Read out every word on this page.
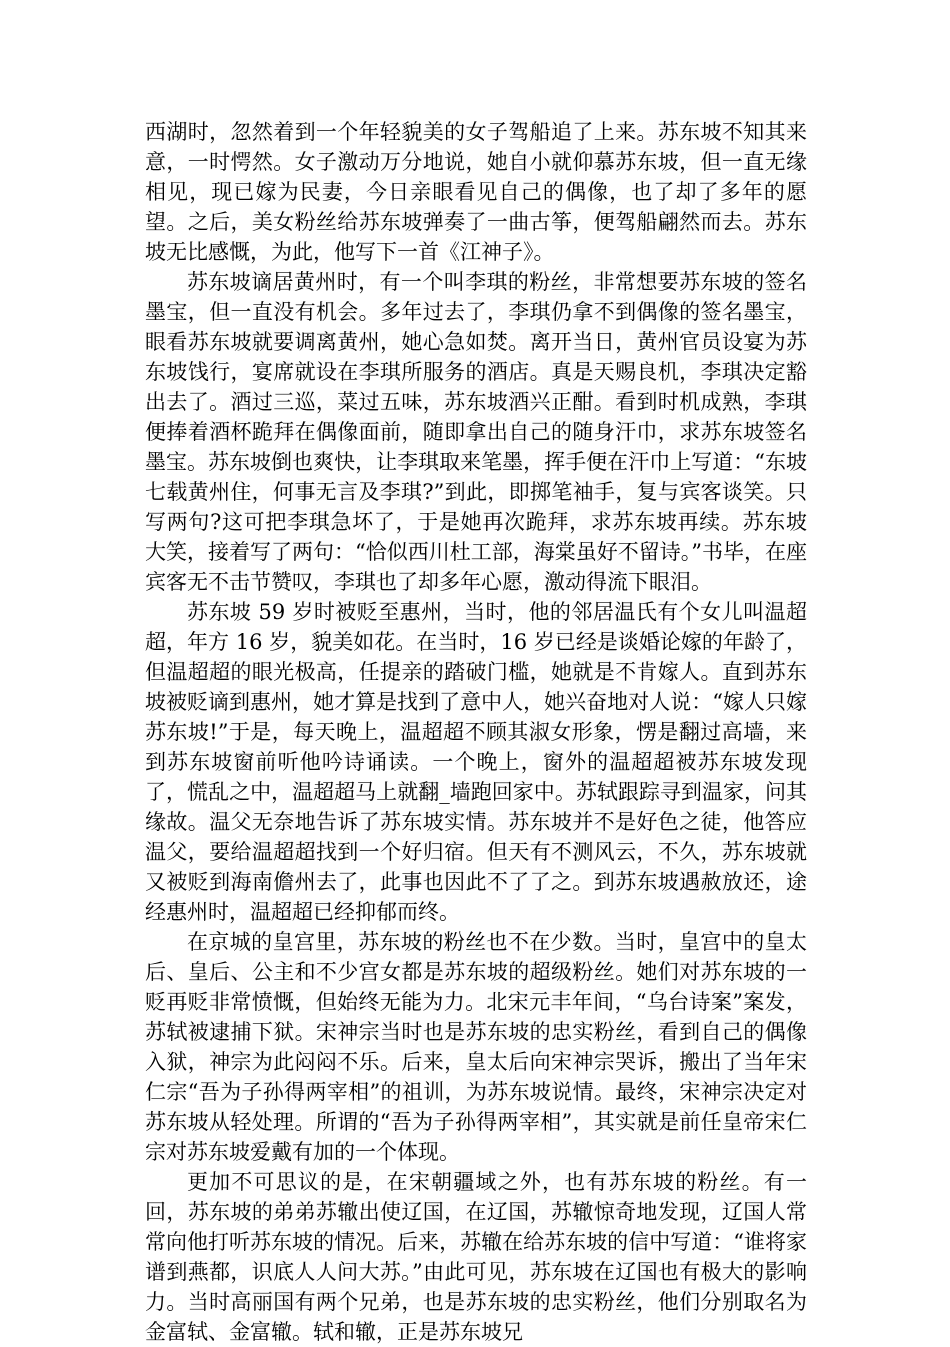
西湖时，忽然着到一个年轻貌美的女子驾船追了上来。苏东坡不知其来意，一时愕然。女子激动万分地说，她自小就仰慕苏东坡，但一直无缘相见，现已嫁为民妻，今日亲眼看见自己的偶像，也了却了多年的愿望。之后，美女粉丝给苏东坡弹奏了一曲古筝，便驾船翩然而去。苏东坡无比感慨，为此，他写下一首《江神子》。

苏东坡谪居黄州时，有一个叫李琪的粉丝，非常想要苏东坡的签名墨宝，但一直没有机会。多年过去了，李琪仍拿不到偶像的签名墨宝，眼看苏东坡就要调离黄州，她心急如焚。离开当日，黄州官员设宴为苏东坡饯行，宴席就设在李琪所服务的酒店。真是天赐良机，李琪决定豁出去了。酒过三巡，菜过五味，苏东坡酒兴正酣。看到时机成熟，李琪便捧着酒杯跪拜在偶像面前，随即拿出自己的随身汗巾，求苏东坡签名墨宝。苏东坡倒也爽快，让李琪取来笔墨，挥手便在汗巾上写道：“东坡七载黄州住，何事无言及李琪?”到此，即掷笔袖手，复与宾客谈笑。只写两句?这可把李琪急坏了，于是她再次跪拜，求苏东坡再续。苏东坡大笑，接着写了两句：“恰似西川杜工部，海棠虽好不留诗。”书毕，在座宾客无不击节赞叹，李琪也了却多年心愿，激动得流下眼泪。

苏东坡 59 岁时被贬至惠州，当时，他的邻居温氏有个女儿叫温超超，年方 16 岁，貌美如花。在当时，16 岁已经是谈婚论嫁的年龄了，但温超超的眼光极高，任提亲的踏破门槛，她就是不肯嫁人。直到苏东坡被贬谪到惠州，她才算是找到了意中人，她兴奋地对人说：“嫁人只嫁苏东坡!”于是，每天晚上，温超超不顾其淑女形象，愣是翻过高墙，来到苏东坡窗前听他吟诗诵读。一个晚上，窗外的温超超被苏东坡发现了，慌乱之中，温超超马上就翻_墙跑回家中。苏轼跟踪寻到温家，问其缘故。温父无奈地告诉了苏东坡实情。苏东坡并不是好色之徒，他答应温父，要给温超超找到一个好归宿。但天有不测风云，不久，苏东坡就又被贬到海南儋州去了，此事也因此不了了之。到苏东坡遇赦放还，途经惠州时，温超超已经抑郁而终。

在京城的皇宫里，苏东坡的粉丝也不在少数。当时，皇宫中的皇太后、皇后、公主和不少宫女都是苏东坡的超级粉丝。她们对苏东坡的一贬再贬非常愤慨，但始终无能为力。北宋元丰年间，“乌台诗案”案发，苏轼被逮捕下狱。宋神宗当时也是苏东坡的忠实粉丝，看到自己的偶像入狱，神宗为此闷闷不乐。后来，皇太后向宋神宗哭诉，搬出了当年宋仁宗“吾为子孙得两宰相”的祖训，为苏东坡说情。最终，宋神宗决定对苏东坡从轻处理。所谓的“吾为子孙得两宰相”，其实就是前任皇帝宋仁宗对苏东坡爱戴有加的一个体现。

更加不可思议的是，在宋朝疆域之外，也有苏东坡的粉丝。有一回，苏东坡的弟弟苏辙出使辽国，在辽国，苏辙惊奇地发现，辽国人常常向他打听苏东坡的情况。后来，苏辙在给苏东坡的信中写道：“谁将家谱到燕都，识底人人问大苏。”由此可见，苏东坡在辽国也有极大的影响力。当时高丽国有两个兄弟，也是苏东坡的忠实粉丝，他们分别取名为金富轼、金富辙。轼和辙，正是苏东坡兄
